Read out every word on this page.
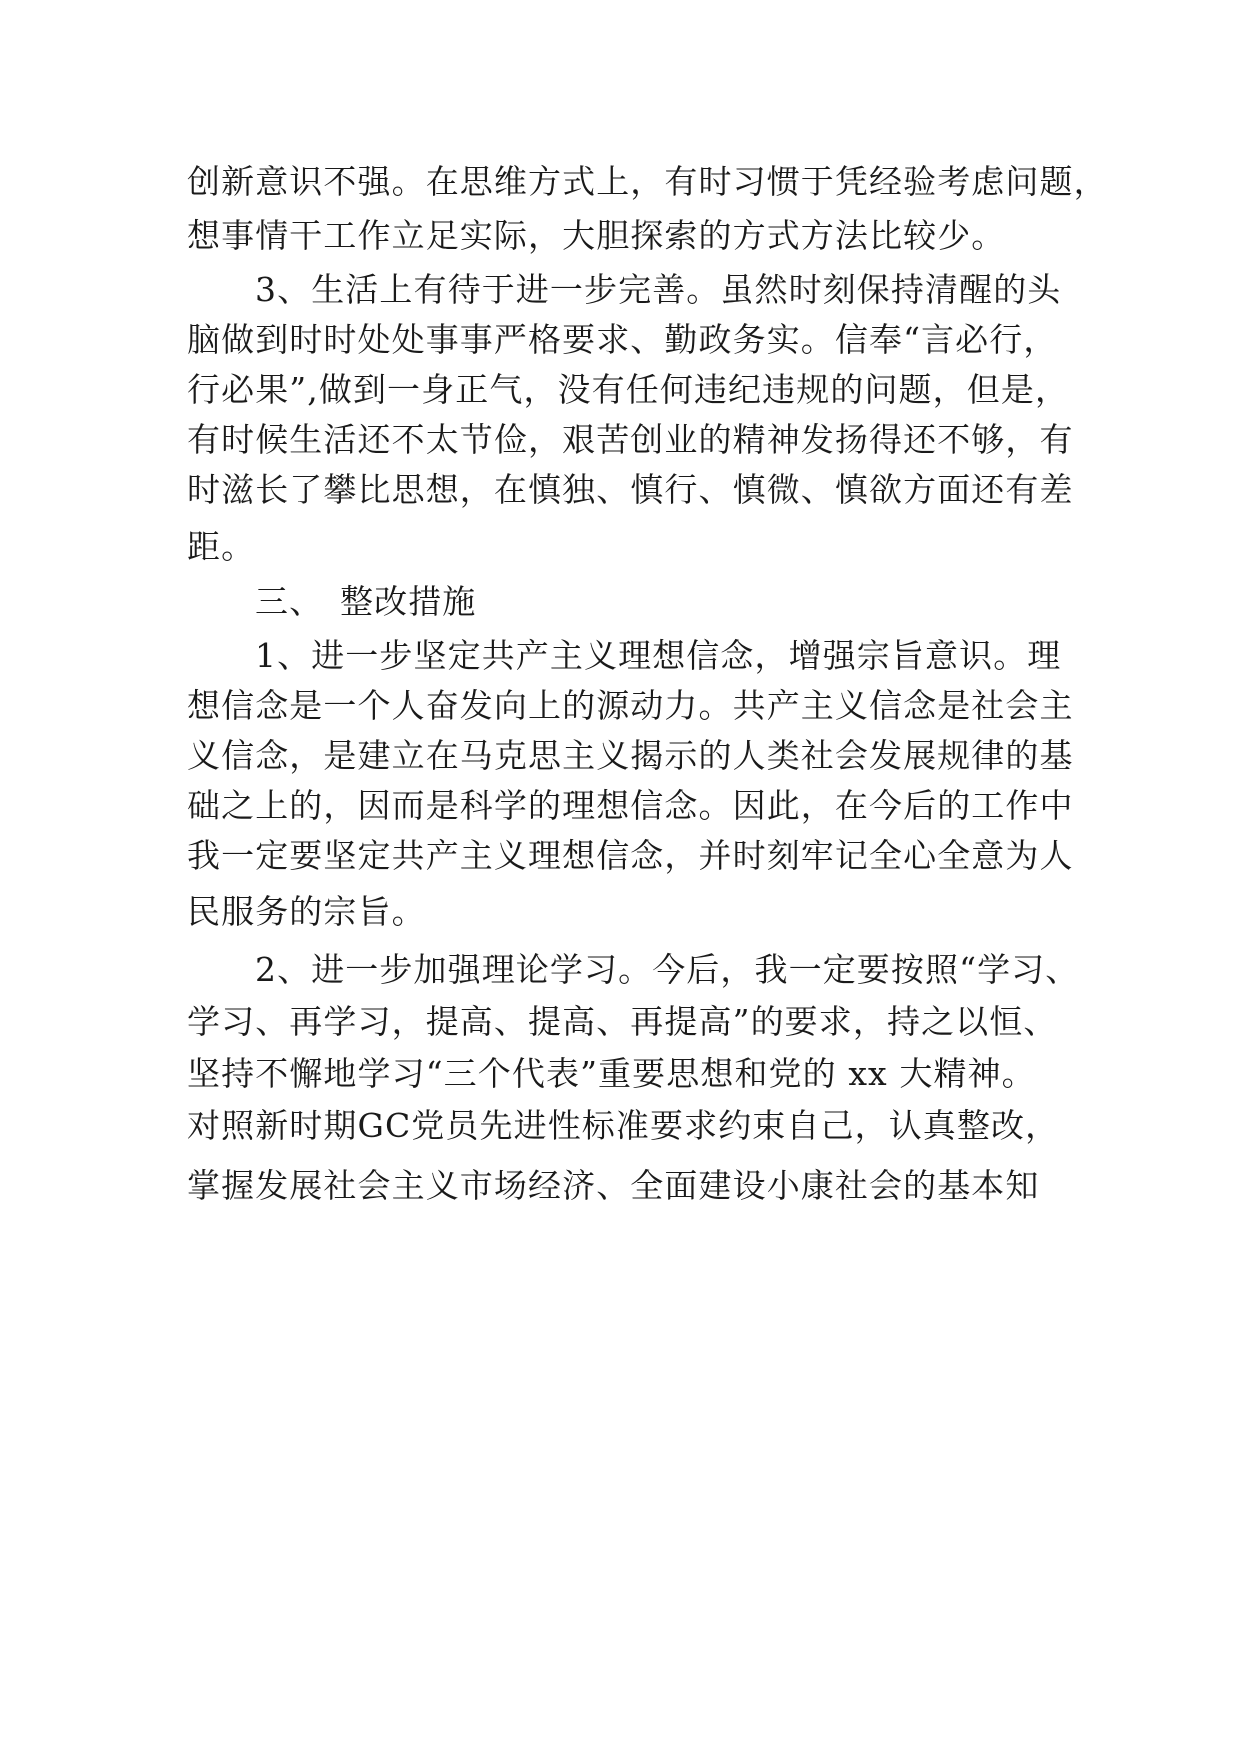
创新意识不强。在思维方式上，有时习惯于凭经验考虑问题，
想事情干工作立足实际，大胆探索的方式方法比较少。
3、生活上有待于进一步完善。虽然时刻保持清醒的头
脑做到时时处处事事严格要求、勤政务实。信奉“言必行，
行必果”,做到一身正气，没有任何违纪违规的问题，但是，
有时候生活还不太节俭，艰苦创业的精神发扬得还不够，有
时滋长了攀比思想，在慎独、慎行、慎微、慎欲方面还有差
距。
三、 整改措施
1、进一步坚定共产主义理想信念，增强宗旨意识。理
想信念是一个人奋发向上的源动力。共产主义信念是社会主
义信念，是建立在马克思主义揭示的人类社会发展规律的基
础之上的，因而是科学的理想信念。因此，在今后的工作中
我一定要坚定共产主义理想信念，并时刻牢记全心全意为人
民服务的宗旨。
2、进一步加强理论学习。今后，我一定要按照“学习、
学习、再学习，提高、提高、再提高”的要求，持之以恒、
坚持不懈地学习“三个代表”重要思想和党的 xx 大精神。
对照新时期GC党员先进性标准要求约束自己，认真整改，
掌握发展社会主义市场经济、全面建设小康社会的基本知
